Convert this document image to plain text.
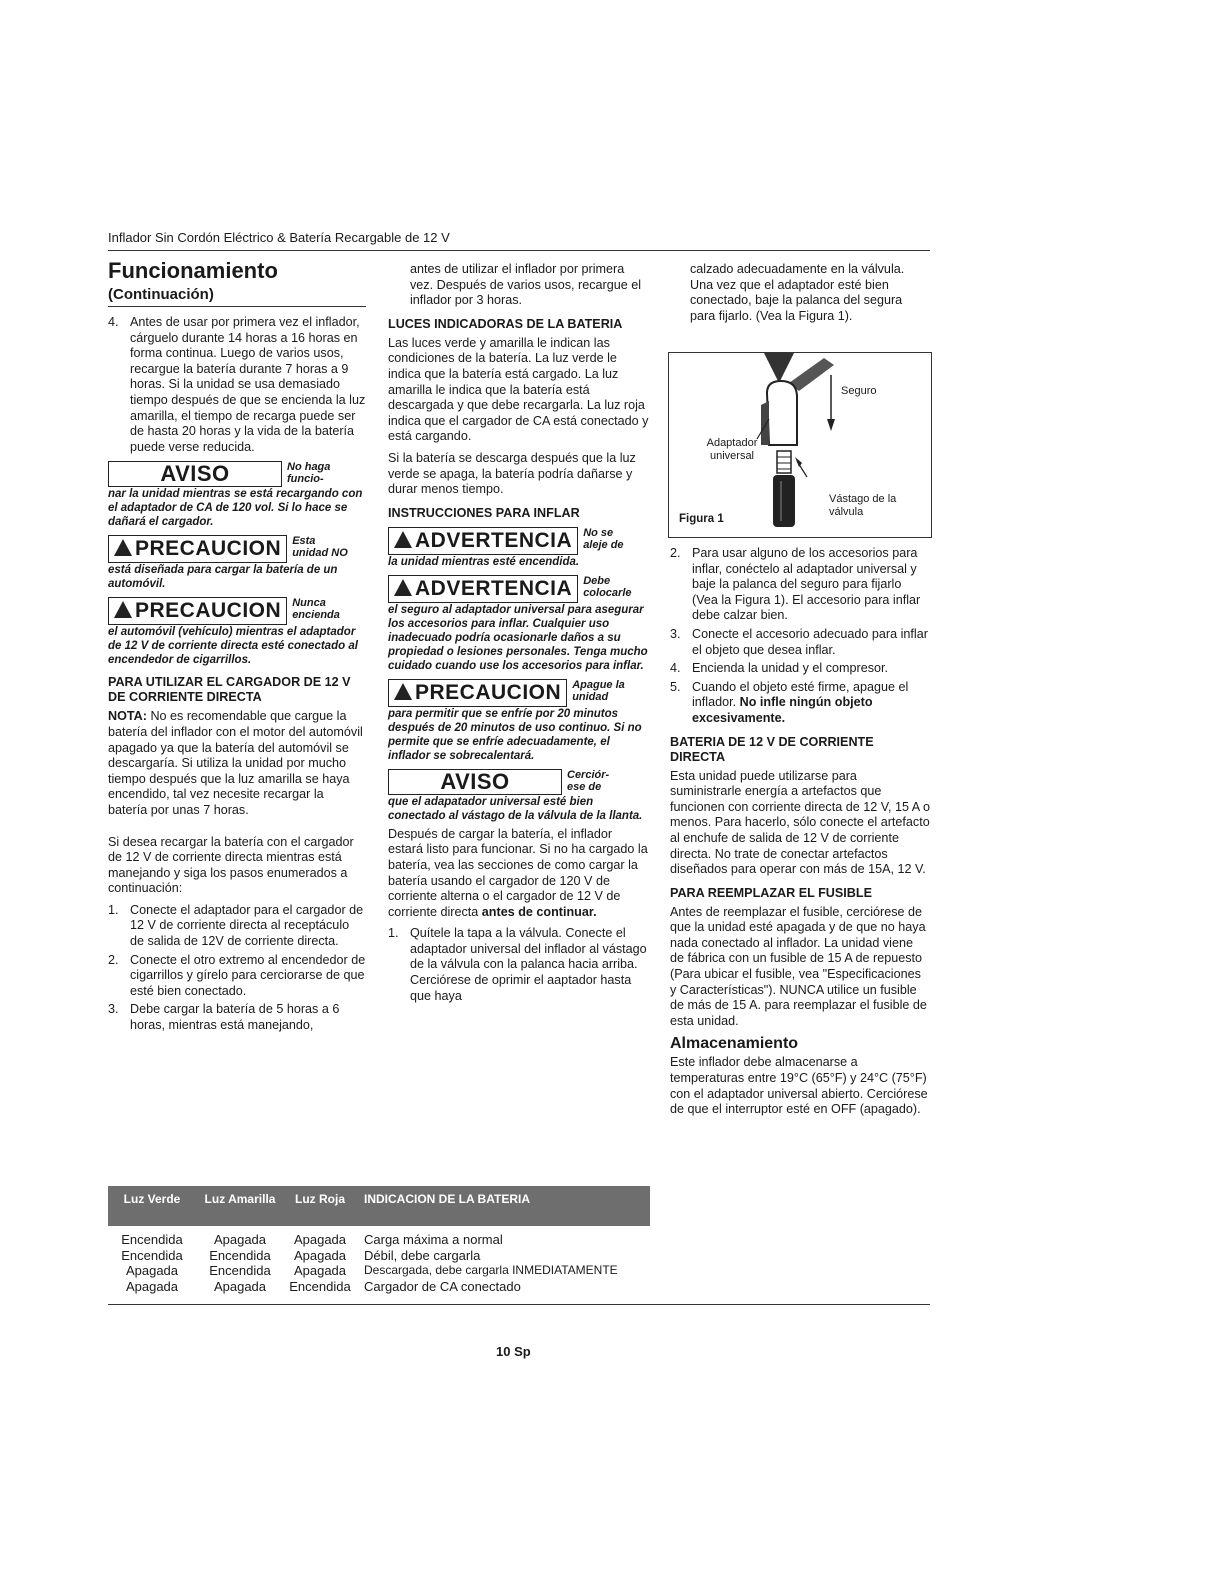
Inflador Sin Cordón Eléctrico & Batería Recargable de 12 V
Funcionamiento
(Continuación)
4. Antes de usar por primera vez el inflador, cárguelo durante 14 horas a 16 horas en forma continua. Luego de varios usos, recargue la batería durante 7 horas a 9 horas. Si la unidad se usa demasiado tiempo después de que se encienda la luz amarilla, el tiempo de recarga puede ser de hasta 20 horas y la vida de la batería puede verse reducida.
AVISO	No haga funcio-
nar la unidad mientras se está recargando con el adaptador de CA de 120 vol. Si lo hace se dañará el cargador.
PRECAUCION	Esta unidad NO
está diseñada para cargar la batería de un automóvil.
PRECAUCION	Nunca encienda
el automóvil (vehículo) mientras el adaptador de 12 V de corriente directa esté conectado al encendedor de cigarrillos.
PARA UTILIZAR EL CARGADOR DE 12 V DE CORRIENTE DIRECTA

NOTA: No es recomendable que cargue la batería del inflador con el motor del automóvil apagado ya que la batería del automóvil se descargaría. Si utiliza la unidad por mucho tiempo después que la luz amarilla se haya encendido, tal vez necesite recargar la batería por unas 7 horas.

Si desea recargar la batería con el cargador de 12 V de corriente directa mientras está manejando y siga los pasos enumerados a continuación:

1. Conecte el adaptador para el cargador de 12 V de corriente directa al receptáculo de salida de 12V de corriente directa.
2. Conecte el otro extremo al encendedor de cigarrillos y gírelo para cerciorarse de que esté bien conectado.
3. Debe cargar la batería de 5 horas a 6 horas, mientras está manejando,

antes de utilizar el inflador por primera vez. Después de varios usos, recargue el inflador por 3 horas.

LUCES INDICADORAS DE LA BATERIA

Las luces verde y amarilla le indican las condiciones de la batería. La luz verde le indica que la batería está cargado. La luz amarilla le indica que la batería está descargada y que debe recargarla. La luz roja indica que el cargador de CA está conectado y está cargando.

Si la batería se descarga después que la luz verde se apaga, la batería podría dañarse y durar menos tiempo.

INSTRUCCIONES PARA INFLAR
ADVERTENCIA	No se aleje de
la unidad mientras esté encendida.
ADVERTENCIA	Debe colocarle
el seguro al adaptador universal para asegurar los accesorios para inflar. Cualquier uso inadecuado podría ocasionarle daños a su propiedad o lesiones personales. Tenga mucho cuidado cuando use los accesorios para inflar.
PRECAUCION	Apague la unidad
para permitir que se enfríe por 20 minutos después de 20 minutos de uso continuo. Si no permite que se enfríe adecuadamente, el inflador se sobrecalentará.
AVISO	Cerciór-ese de
que el adapatador universal esté bien conectado al vástago de la válvula de la llanta.

Después de cargar la batería, el inflador estará listo para funcionar. Si no ha cargado la batería, vea las secciones de como cargar la batería usando el cargador de 120 V de corriente alterna o el cargador de 12 V de corriente directa antes de continuar.

1. Quítele la tapa a la válvula. Conecte el adaptador universal del inflador al vástago de la válvula con la palanca hacia arriba. Cerciórese de oprimir el aaptador hasta que haya

calzado adecuadamente en la válvula. Una vez que el adaptador esté bien conectado, baje la palanca del segura para fijarlo. (Vea la Figura 1).

Seguro
Adaptador universal
Vástago de la válvula
Figura 1
2. Para usar alguno de los accesorios para inflar, conéctelo al adaptador universal y baje la palanca del seguro para fijarlo (Vea la Figura 1). El accesorio para inflar debe calzar bien.
3. Conecte el accesorio adecuado para inflar el objeto que desea inflar.
4. Encienda la unidad y el compresor.
5. Cuando el objeto esté firme, apague el inflador. No infle ningún objeto excesivamente.
BATERIA DE 12 V DE CORRIENTE DIRECTA

Esta unidad puede utilizarse para suministrarle energía a artefactos que funcionen con corriente directa de 12 V, 15 A o menos. Para hacerlo, sólo conecte el artefacto al enchufe de salida de 12 V de corriente directa. No trate de conectar artefactos diseñados para operar con más de 15A, 12 V.

PARA REEMPLAZAR EL FUSIBLE

Antes de reemplazar el fusible, cerciórese de que la unidad esté apagada y de que no haya nada conectado al inflador. La unidad viene de fábrica con un fusible de 15 A de repuesto (Para ubicar el fusible, vea "Especificaciones y Características"). NUNCA utilice un fusible de más de 15 A. para reemplazar el fusible de esta unidad.

Almacenamiento

Este inflador debe almacenarse a temperaturas entre 19°C (65°F) y 24°C (75°F) con el adaptador universal abierto. Cerciórese de que el interruptor esté en OFF (apagado).

Luz Verde	Luz Amarilla	Luz Roja	INDICACION DE LA BATERIA
Encendida	Apagada	Apagada	Carga máxima a normal
Encendida	Encendida	Apagada	Débil, debe cargarla
Apagada	Encendida	Apagada	Descargada, debe cargarla INMEDIATAMENTE
Apagada	Apagada	Encendida	Cargador de CA conectado
10 Sp
